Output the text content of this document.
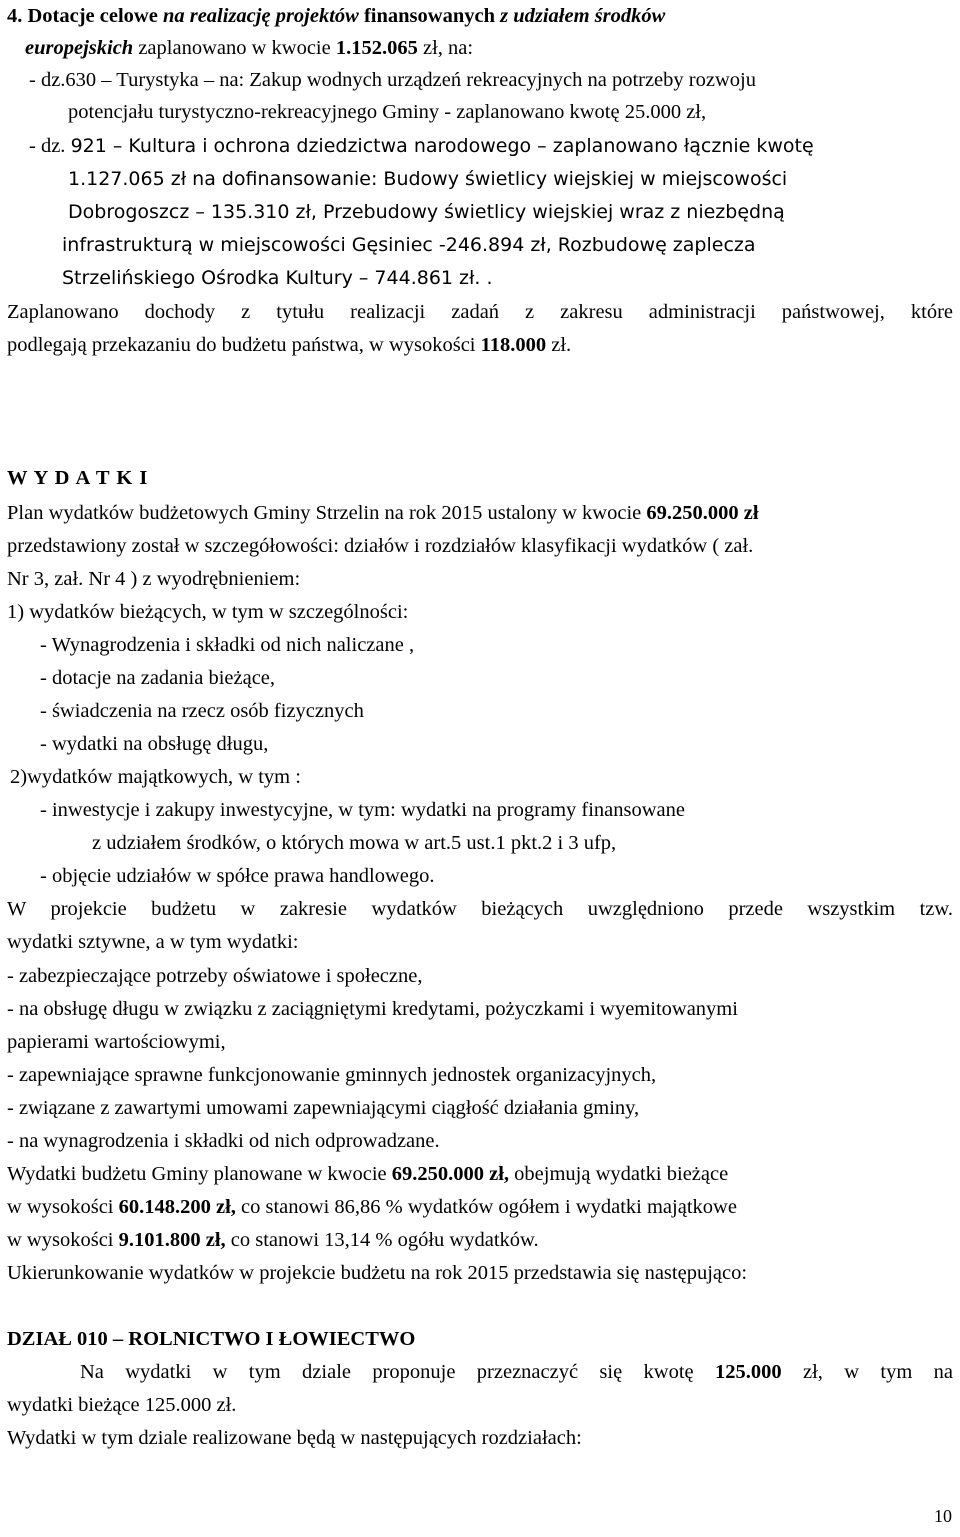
4. Dotacje celowe na realizację projektów finansowanych z udziałem środków
europejskich zaplanowano w kwocie 1.152.065 zł, na:
- dz.630 – Turystyka – na: Zakup wodnych urządzeń rekreacyjnych na potrzeby rozwoju
potencjału turystyczno-rekreacyjnego Gminy - zaplanowano kwotę 25.000 zł,
- dz. 921 – Kultura i ochrona dziedzictwa narodowego – zaplanowano łącznie kwotę
1.127.065 zł na dofinansowanie: Budowy świetlicy wiejskiej w miejscowości
Dobrogoszcz – 135.310 zł, Przebudowy świetlicy wiejskiej wraz z niezbędną
infrastrukturą w miejscowości Gęsiniec -246.894 zł, Rozbudowę zaplecza
Strzelińskiego Ośrodka Kultury – 744.861 zł. .
Zaplanowano dochody z tytułu realizacji zadań z zakresu administracji państwowej, które
podlegają przekazaniu do budżetu państwa, w wysokości 118.000 zł.
W Y D A T K I
Plan wydatków budżetowych Gminy Strzelin na rok 2015 ustalony w kwocie 69.250.000 zł
przedstawiony został w szczegółowości: działów i rozdziałów klasyfikacji wydatków ( zał.
Nr 3, zał. Nr 4 ) z wyodrębnieniem:
1) wydatków bieżących, w tym w szczególności:
- Wynagrodzenia i składki od nich naliczane ,
- dotacje na zadania bieżące,
- świadczenia na rzecz osób fizycznych
- wydatki na obsługę długu,
2)wydatków majątkowych, w tym :
- inwestycje i zakupy inwestycyjne, w tym: wydatki na programy finansowane
z udziałem środków, o których mowa w art.5 ust.1 pkt.2 i 3 ufp,
- objęcie udziałów w spółce prawa handlowego.
W projekcie budżetu w zakresie wydatków bieżących uwzględniono przede wszystkim tzw.
wydatki sztywne, a w tym wydatki:
- zabezpieczające potrzeby oświatowe i społeczne,
- na obsługę długu w związku z zaciągniętymi kredytami, pożyczkami i wyemitowanymi
papierami wartościowymi,
- zapewniające sprawne funkcjonowanie gminnych jednostek organizacyjnych,
- związane z zawartymi umowami zapewniającymi ciągłość działania gminy,
- na wynagrodzenia i składki od nich odprowadzane.
Wydatki budżetu Gminy planowane w kwocie 69.250.000 zł, obejmują wydatki bieżące
w wysokości 60.148.200 zł, co stanowi 86,86 % wydatków ogółem i wydatki majątkowe
w wysokości 9.101.800 zł, co stanowi 13,14 % ogółu wydatków.
Ukierunkowanie wydatków w projekcie budżetu na rok 2015 przedstawia się następująco:
DZIAŁ 010 – ROLNICTWO I ŁOWIECTWO
Na wydatki w tym dziale proponuje przeznaczyć się kwotę 125.000 zł, w tym na
wydatki bieżące 125.000 zł.
Wydatki w tym dziale realizowane będą w następujących rozdziałach:
10
